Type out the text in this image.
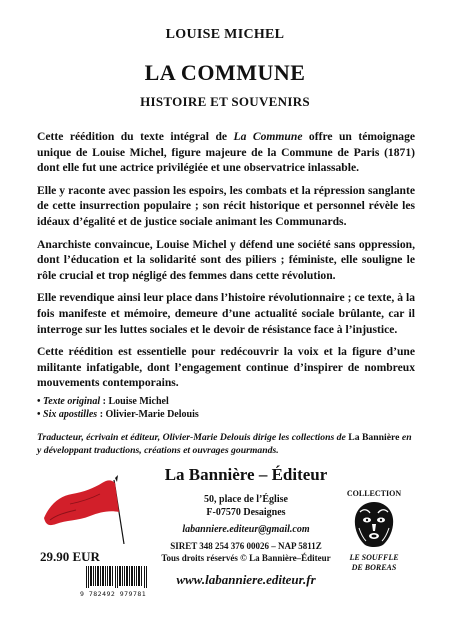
LOUISE MICHEL
LA COMMUNE
HISTOIRE ET SOUVENIRS

Cette réédition du texte intégral de La Commune offre un témoignage unique de Louise Michel, figure majeure de la Commune de Paris (1871) dont elle fut une actrice privilégiée et une observatrice inlassable.

Elle y raconte avec passion les espoirs, les combats et la répression sanglante de cette insurrection populaire ; son récit historique et personnel révèle les idéaux d’égalité et de justice sociale animant les Communards.

Anarchiste convaincue, Louise Michel y défend une société sans oppression, dont l’éducation et la solidarité sont des piliers ; féministe, elle souligne le rôle crucial et trop négligé des femmes dans cette révolution.

Elle revendique ainsi leur place dans l’histoire révolutionnaire ; ce texte, à la fois manifeste et mémoire, demeure d’une actualité sociale brûlante, car il interroge sur les luttes sociales et le devoir de résistance face à l’injustice.

Cette réédition est essentielle pour redécouvrir la voix et la figure d’une militante infatigable, dont l’engagement continue d’inspirer de nombreux mouvements contemporains.

• Texte original : Louise Michel
• Six apostilles : Olivier-Marie Delouis
Traducteur, écrivain et éditeur, Olivier-Marie Delouis dirige les collections de La Bannière en y développant traductions, créations et ouvrages gourmands.
29.90 EUR
9 782492 979781
La Bannière – Éditeur
50, place de l’Église
F-07570 Desaignes
labanniere.editeur@gmail.com
SIRET 348 254 376 00026 – NAP 5811Z
Tous droits réservés © La Bannière–Éditeur
www.labanniere.editeur.fr
COLLECTION
LE SOUFFLE
DE BOREAS
